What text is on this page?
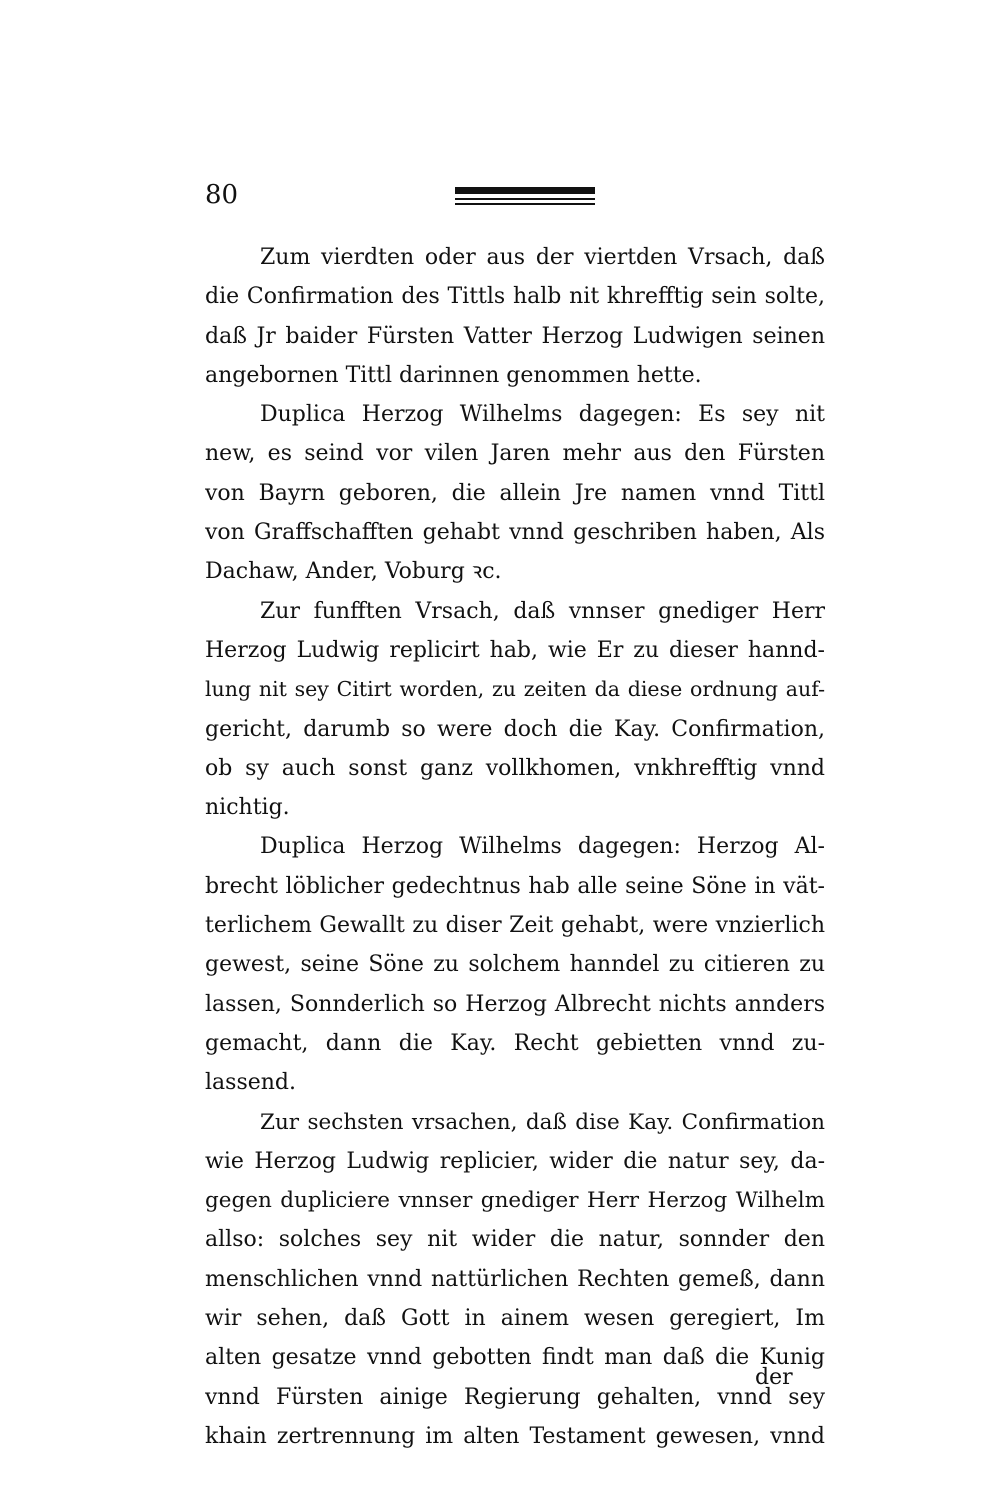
80
Zum vierdten oder aus der viertden Vrsach, daß
die Confirmation des Tittls halb nit khrefftig sein solte,
daß Jr baider Fürsten Vatter Herzog Ludwigen seinen
angebornen Tittl darinnen genommen hette.
Duplica Herzog Wilhelms dagegen: Es sey nit
new, es seind vor vilen Jaren mehr aus den Fürsten
von Bayrn geboren, die allein Jre namen vnnd Tittl
von Graffschafften gehabt vnnd geschriben haben, Als
Dachaw, Ander, Voburg ꝛc.
Zur funfften Vrsach, daß vnnser gnediger Herr
Herzog Ludwig replicirt hab, wie Er zu dieser hannd-
lung nit sey Citirt worden, zu zeiten da diese ordnung auf-
gericht, darumb so were doch die Kay. Confirmation,
ob sy auch sonst ganz vollkhomen, vnkhrefftig vnnd
nichtig.
Duplica Herzog Wilhelms dagegen: Herzog Al-
brecht löblicher gedechtnus hab alle seine Söne in vät-
terlichem Gewallt zu diser Zeit gehabt, were vnzierlich
gewest, seine Söne zu solchem hanndel zu citieren zu
lassen, Sonnderlich so Herzog Albrecht nichts annders
gemacht, dann die Kay. Recht gebietten vnnd zu-
lassend.
Zur sechsten vrsachen, daß dise Kay. Confirmation
wie Herzog Ludwig replicier, wider die natur sey, da-
gegen dupliciere vnnser gnediger Herr Herzog Wilhelm
allso: solches sey nit wider die natur, sonnder den
menschlichen vnnd nattürlichen Rechten gemeß, dann
wir sehen, daß Gott in ainem wesen geregiert, Im
alten gesatze vnnd gebotten findt man daß die Kunig
vnnd Fürsten ainige Regierung gehalten, vnnd sey
khain zertrennung im alten Testament gewesen, vnnd
der
